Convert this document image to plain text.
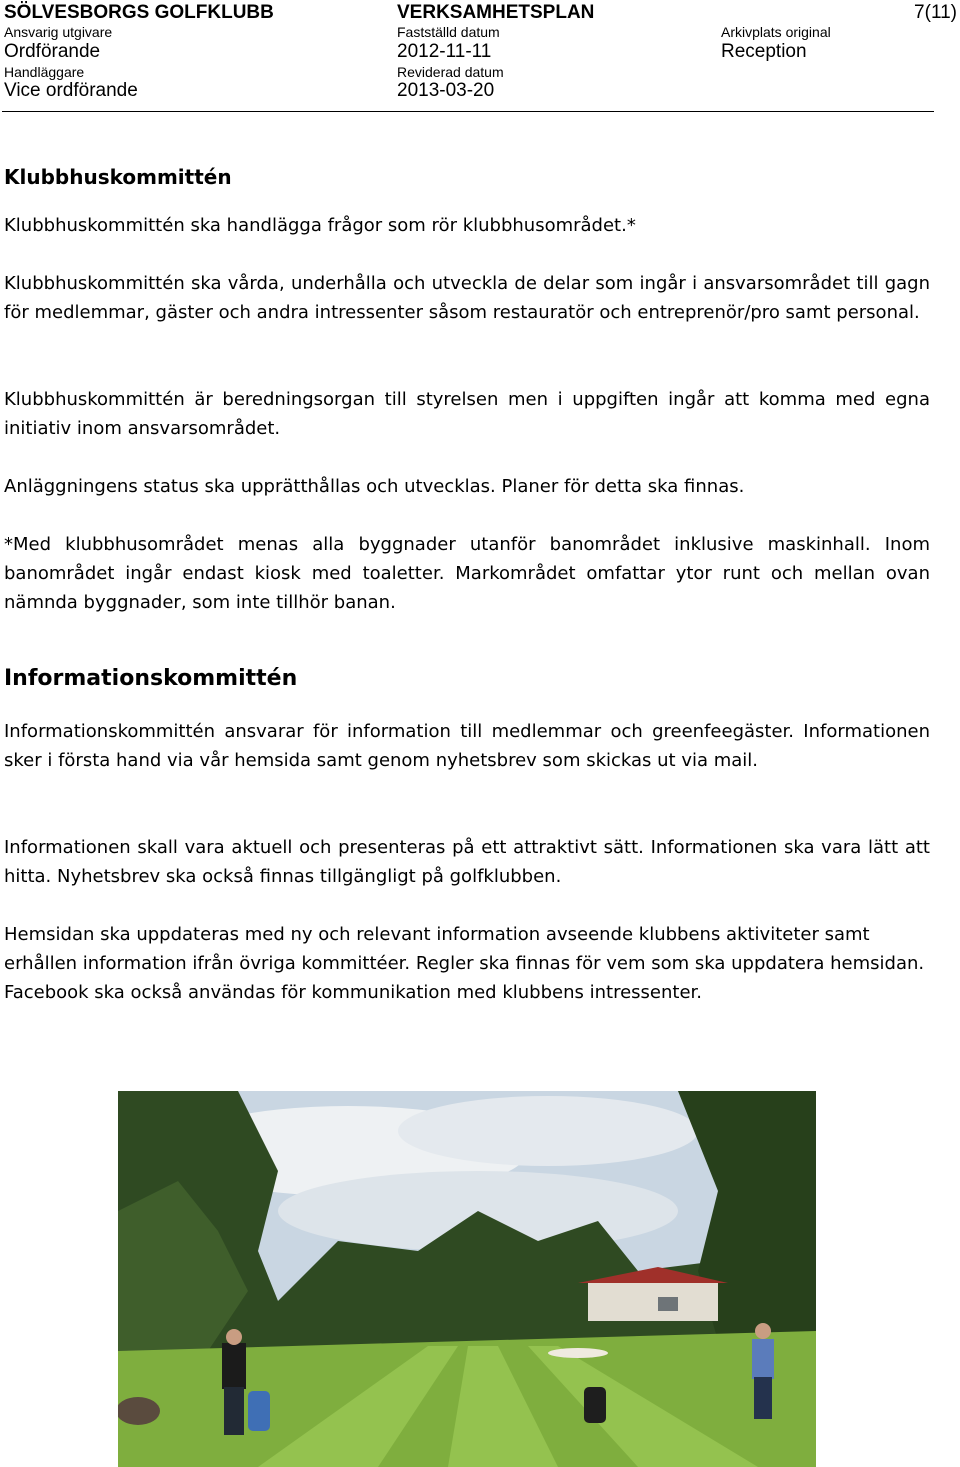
SÖLVESBORGS GOLFKLUBB	VERKSAMHETSPLAN	7(11)
Ansvarig utgivare	Fastställd datum	Arkivplats original
Ordförande	2012-11-11	Reception
Handläggare	Reviderad datum
Vice ordförande	2013-03-20
Klubbhuskommittén

Klubbhuskommittén ska handlägga frågor som rör klubbhusområdet.*

Klubbhuskommittén ska vårda, underhålla och utveckla de delar som ingår i ansvarsområdet till gagn för medlemmar, gäster och andra intressenter såsom restauratör och entreprenör/pro samt personal.

Klubbhuskommittén är beredningsorgan till styrelsen men i uppgiften ingår att komma med egna initiativ inom ansvarsområdet.

Anläggningens status ska upprätthållas och utvecklas. Planer för detta ska finnas.

*Med klubbhusområdet menas alla byggnader utanför banområdet inklusive maskinhall. Inom banområdet ingår endast kiosk med toaletter. Markområdet omfattar ytor runt och mellan ovan nämnda byggnader, som inte tillhör banan.

Informationskommittén

Informationskommittén ansvarar för information till medlemmar och greenfeegäster. Informationen sker i första hand via vår hemsida samt genom nyhetsbrev som skickas ut via mail.

Informationen skall vara aktuell och presenteras på ett attraktivt sätt. Informationen ska vara lätt att hitta. Nyhetsbrev ska också finnas tillgängligt på golfklubben.

Hemsidan ska uppdateras med ny och relevant information avseende klubbens aktiviteter samt erhållen information ifrån övriga kommittéer. Regler ska finnas för vem som ska uppdatera hemsidan. Facebook ska också användas för kommunikation med klubbens intressenter.
